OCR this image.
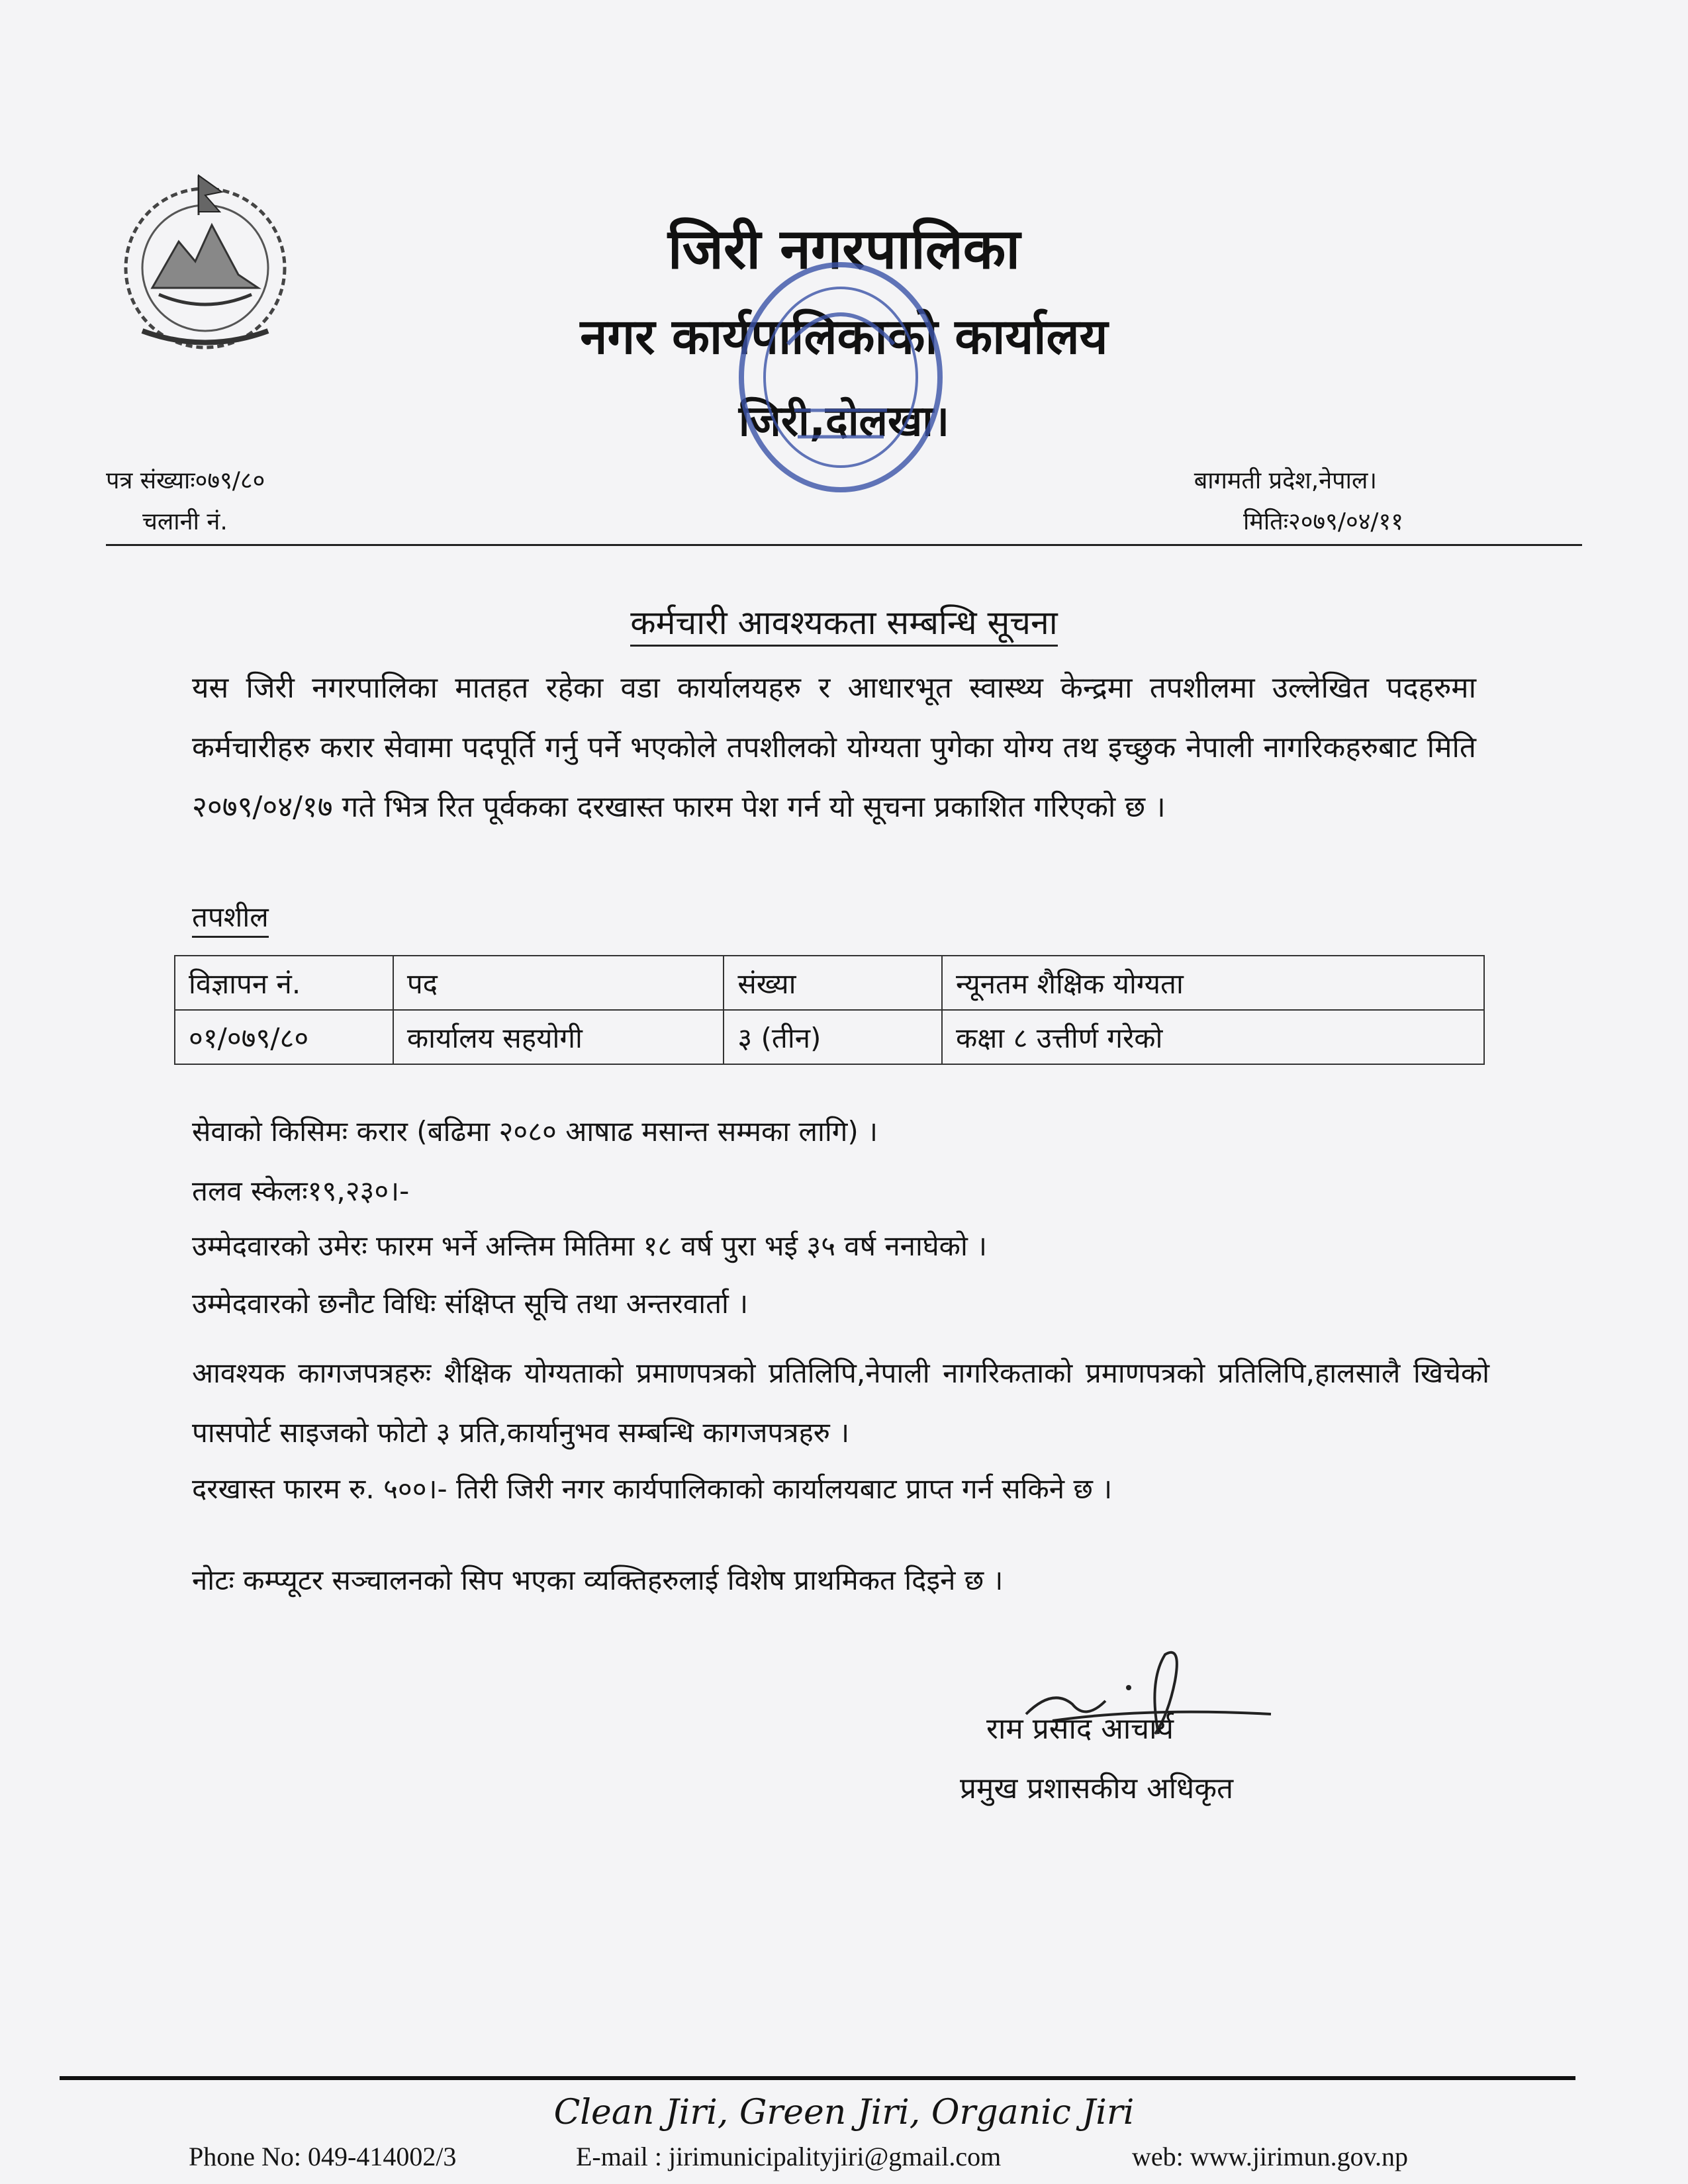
जिरी नगरपालिका
नगर कार्यपालिकाको कार्यालय
जिरी,दोलखा।
पत्र संख्याः०७९/८०
चलानी नं.
बागमती प्रदेश,नेपाल।
मितिः२०७९/०४/११
कर्मचारी आवश्यकता सम्बन्धि सूचना
यस जिरी नगरपालिका मातहत रहेका वडा कार्यालयहरु र आधारभूत स्वास्थ्य केन्द्रमा तपशीलमा उल्लेखित पदहरुमा कर्मचारीहरु करार सेवामा पदपूर्ति गर्नु पर्ने भएकोले तपशीलको योग्यता पुगेका योग्य तथ इच्छुक नेपाली नागरिकहरुबाट मिति २०७९/०४/१७ गते भित्र रित पूर्वकका दरखास्त फारम पेश गर्न यो सूचना प्रकाशित गरिएको छ ।
तपशील
विज्ञापन नं.	पद	संख्या	न्यूनतम शैक्षिक योग्यता
०१/०७९/८०	कार्यालय सहयोगी	३ (तीन)	कक्षा ८ उत्तीर्ण गरेको
सेवाको किसिमः करार (बढिमा २०८० आषाढ मसान्त सम्मका लागि) ।
तलव स्केलः१९,२३०।-
उम्मेदवारको उमेरः फारम भर्ने अन्तिम मितिमा १८ वर्ष पुरा भई ३५ वर्ष ननाघेको ।
उम्मेदवारको छनौट विधिः संक्षिप्त सूचि तथा अन्तरवार्ता ।
आवश्यक कागजपत्रहरुः शैक्षिक योग्यताको प्रमाणपत्रको प्रतिलिपि,नेपाली नागरिकताको प्रमाणपत्रको प्रतिलिपि,हालसालै खिचेको पासपोर्ट साइजको फोटो ३ प्रति,कार्यानुभव सम्बन्धि कागजपत्रहरु ।
दरखास्त फारम रु. ५००।- तिरी जिरी नगर कार्यपालिकाको कार्यालयबाट प्राप्त गर्न सकिने छ ।
नोटः कम्प्यूटर सञ्चालनको सिप भएका व्यक्तिहरुलाई विशेष प्राथमिकत दिइने छ ।
राम प्रसाद आचार्य
प्रमुख प्रशासकीय अधिकृत
Clean Jiri, Green Jiri, Organic Jiri
Phone No: 049-414002/3	E-mail : jirimunicipalityjiri@gmail.com	web: www.jirimun.gov.np
